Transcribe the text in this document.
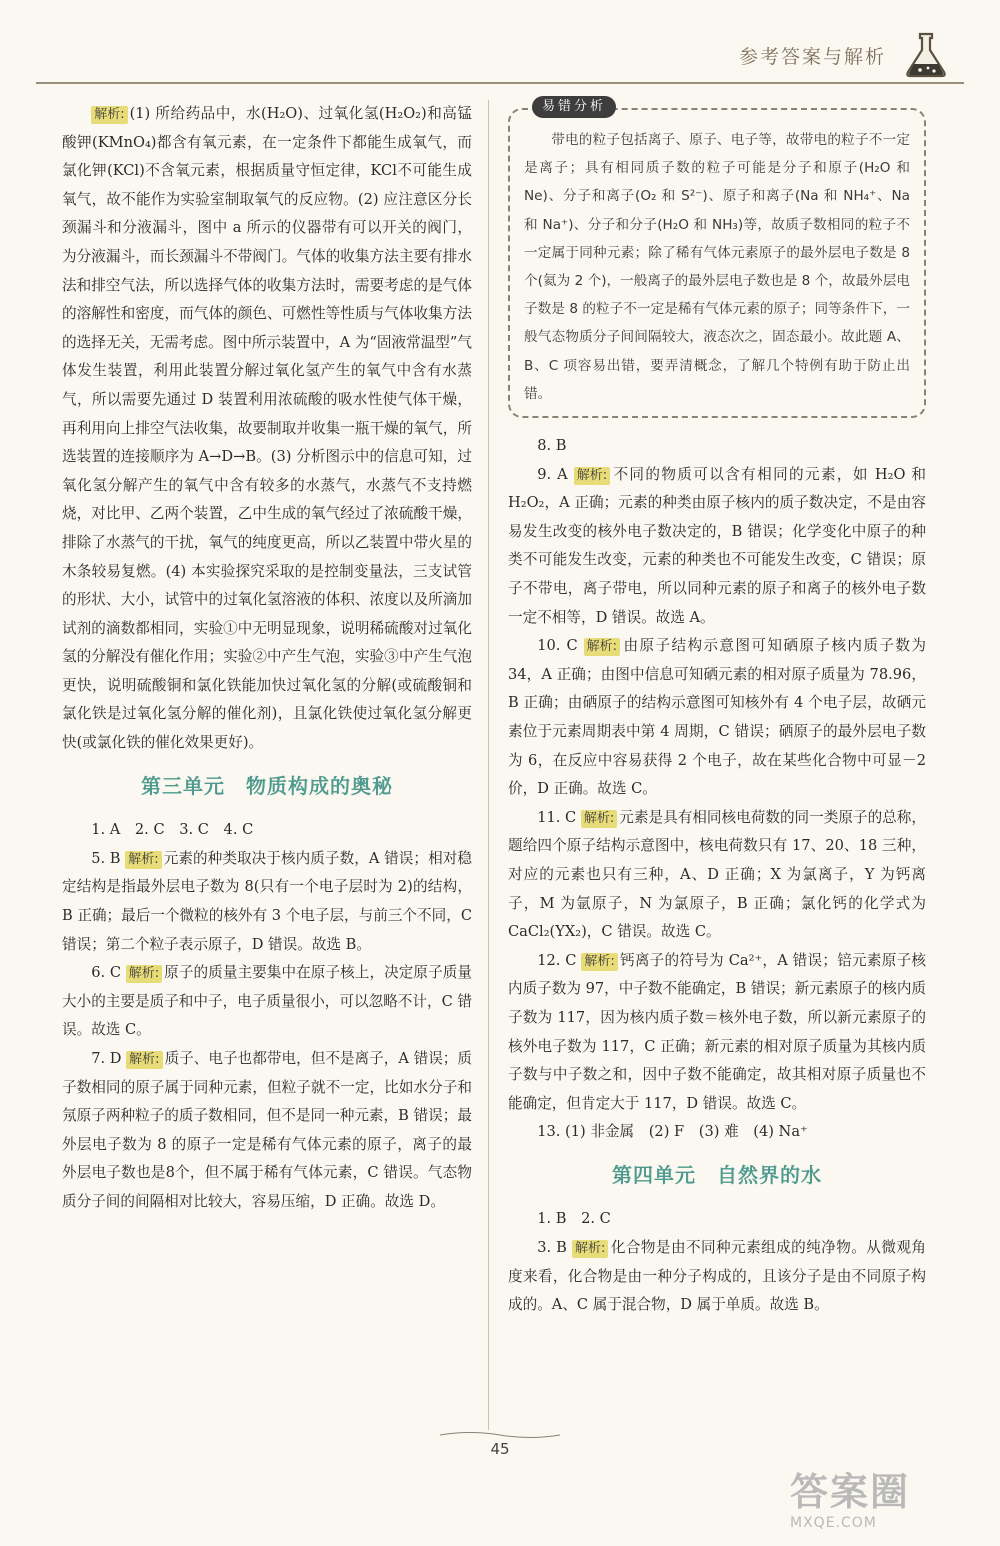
参考答案与解析

解析: (1) 所给药品中，水(H₂O)、过氧化氢(H₂O₂)和高锰酸钾(KMnO₄)都含有氧元素，在一定条件下都能生成氧气，而氯化钾(KCl)不含氧元素，根据质量守恒定律，KCl不可能生成氧气，故不能作为实验室制取氧气的反应物。(2) 应注意区分长颈漏斗和分液漏斗，图中 a 所示的仪器带有可以开关的阀门，为分液漏斗，而长颈漏斗不带阀门。气体的收集方法主要有排水法和排空气法，所以选择气体的收集方法时，需要考虑的是气体的溶解性和密度，而气体的颜色、可燃性等性质与气体收集方法的选择无关，无需考虑。图中所示装置中，A 为“固液常温型”气体发生装置，利用此装置分解过氧化氢产生的氧气中含有水蒸气，所以需要先通过 D 装置利用浓硫酸的吸水性使气体干燥，再利用向上排空气法收集，故要制取并收集一瓶干燥的氧气，所选装置的连接顺序为 A→D→B。(3) 分析图示中的信息可知，过氧化氢分解产生的氧气中含有较多的水蒸气，水蒸气不支持燃烧，对比甲、乙两个装置，乙中生成的氧气经过了浓硫酸干燥，排除了水蒸气的干扰，氧气的纯度更高，所以乙装置中带火星的木条较易复燃。(4) 本实验探究采取的是控制变量法，三支试管的形状、大小，试管中的过氧化氢溶液的体积、浓度以及所滴加试剂的滴数都相同，实验①中无明显现象，说明稀硫酸对过氧化氢的分解没有催化作用；实验②中产生气泡，实验③中产生气泡更快，说明硫酸铜和氯化铁能加快过氧化氢的分解(或硫酸铜和氯化铁是过氧化氢分解的催化剂)，且氯化铁使过氧化氢分解更快(或氯化铁的催化效果更好)。

第三单元　物质构成的奥秘

1. A　2. C　3. C　4. C

5. B 解析: 元素的种类取决于核内质子数，A 错误；相对稳定结构是指最外层电子数为 8(只有一个电子层时为 2)的结构，B 正确；最后一个微粒的核外有 3 个电子层，与前三个不同，C 错误；第二个粒子表示原子，D 错误。故选 B。

6. C 解析: 原子的质量主要集中在原子核上，决定原子质量大小的主要是质子和中子，电子质量很小，可以忽略不计，C 错误。故选 C。

7. D 解析: 质子、电子也都带电，但不是离子，A 错误；质子数相同的原子属于同种元素，但粒子就不一定，比如水分子和氖原子两种粒子的质子数相同，但不是同一种元素，B 错误；最外层电子数为 8 的原子一定是稀有气体元素的原子，离子的最外层电子数也是8个，但不属于稀有气体元素，C 错误。气态物质分子间的间隔相对比较大，容易压缩，D 正确。故选 D。

易错分析

带电的粒子包括离子、原子、电子等，故带电的粒子不一定是离子；具有相同质子数的粒子可能是分子和原子(H₂O 和 Ne)、分子和离子(O₂ 和 S²⁻)、原子和离子(Na 和 NH₄⁺、Na 和 Na⁺)、分子和分子(H₂O 和 NH₃)等，故质子数相同的粒子不一定属于同种元素；除了稀有气体元素原子的最外层电子数是 8 个(氦为 2 个)，一般离子的最外层电子数也是 8 个，故最外层电子数是 8 的粒子不一定是稀有气体元素的原子；同等条件下，一般气态物质分子间间隔较大，液态次之，固态最小。故此题 A、B、C 项容易出错，要弄清概念，了解几个特例有助于防止出错。

8. B

9. A 解析: 不同的物质可以含有相同的元素，如 H₂O 和 H₂O₂，A 正确；元素的种类由原子核内的质子数决定，不是由容易发生改变的核外电子数决定的，B 错误；化学变化中原子的种类不可能发生改变，元素的种类也不可能发生改变，C 错误；原子不带电，离子带电，所以同种元素的原子和离子的核外电子数一定不相等，D 错误。故选 A。

10. C 解析: 由原子结构示意图可知硒原子核内质子数为 34，A 正确；由图中信息可知硒元素的相对原子质量为 78.96，B 正确；由硒原子的结构示意图可知核外有 4 个电子层，故硒元素位于元素周期表中第 4 周期，C 错误；硒原子的最外层电子数为 6，在反应中容易获得 2 个电子，故在某些化合物中可显－2 价，D 正确。故选 C。

11. C 解析: 元素是具有相同核电荷数的同一类原子的总称，题给四个原子结构示意图中，核电荷数只有 17、20、18 三种，对应的元素也只有三种，A、D 正确；X 为氯离子，Y 为钙离子，M 为氩原子，N 为氯原子，B 正确；氯化钙的化学式为 CaCl₂(YX₂)，C 错误。故选 C。

12. C 解析: 钙离子的符号为 Ca²⁺，A 错误；锫元素原子核内质子数为 97，中子数不能确定，B 错误；新元素原子的核内质子数为 117，因为核内质子数＝核外电子数，所以新元素原子的核外电子数为 117，C 正确；新元素的相对原子质量为其核内质子数与中子数之和，因中子数不能确定，故其相对原子质量也不能确定，但肯定大于 117，D 错误。故选 C。

13. (1) 非金属　(2) F　(3) 难　(4) Na⁺

第四单元　自然界的水

1. B　2. C

3. B 解析: 化合物是由不同种元素组成的纯净物。从微观角度来看，化合物是由一种分子构成的，且该分子是由不同原子构成的。A、C 属于混合物，D 属于单质。故选 B。

45
答案圈
MXQE.COM
